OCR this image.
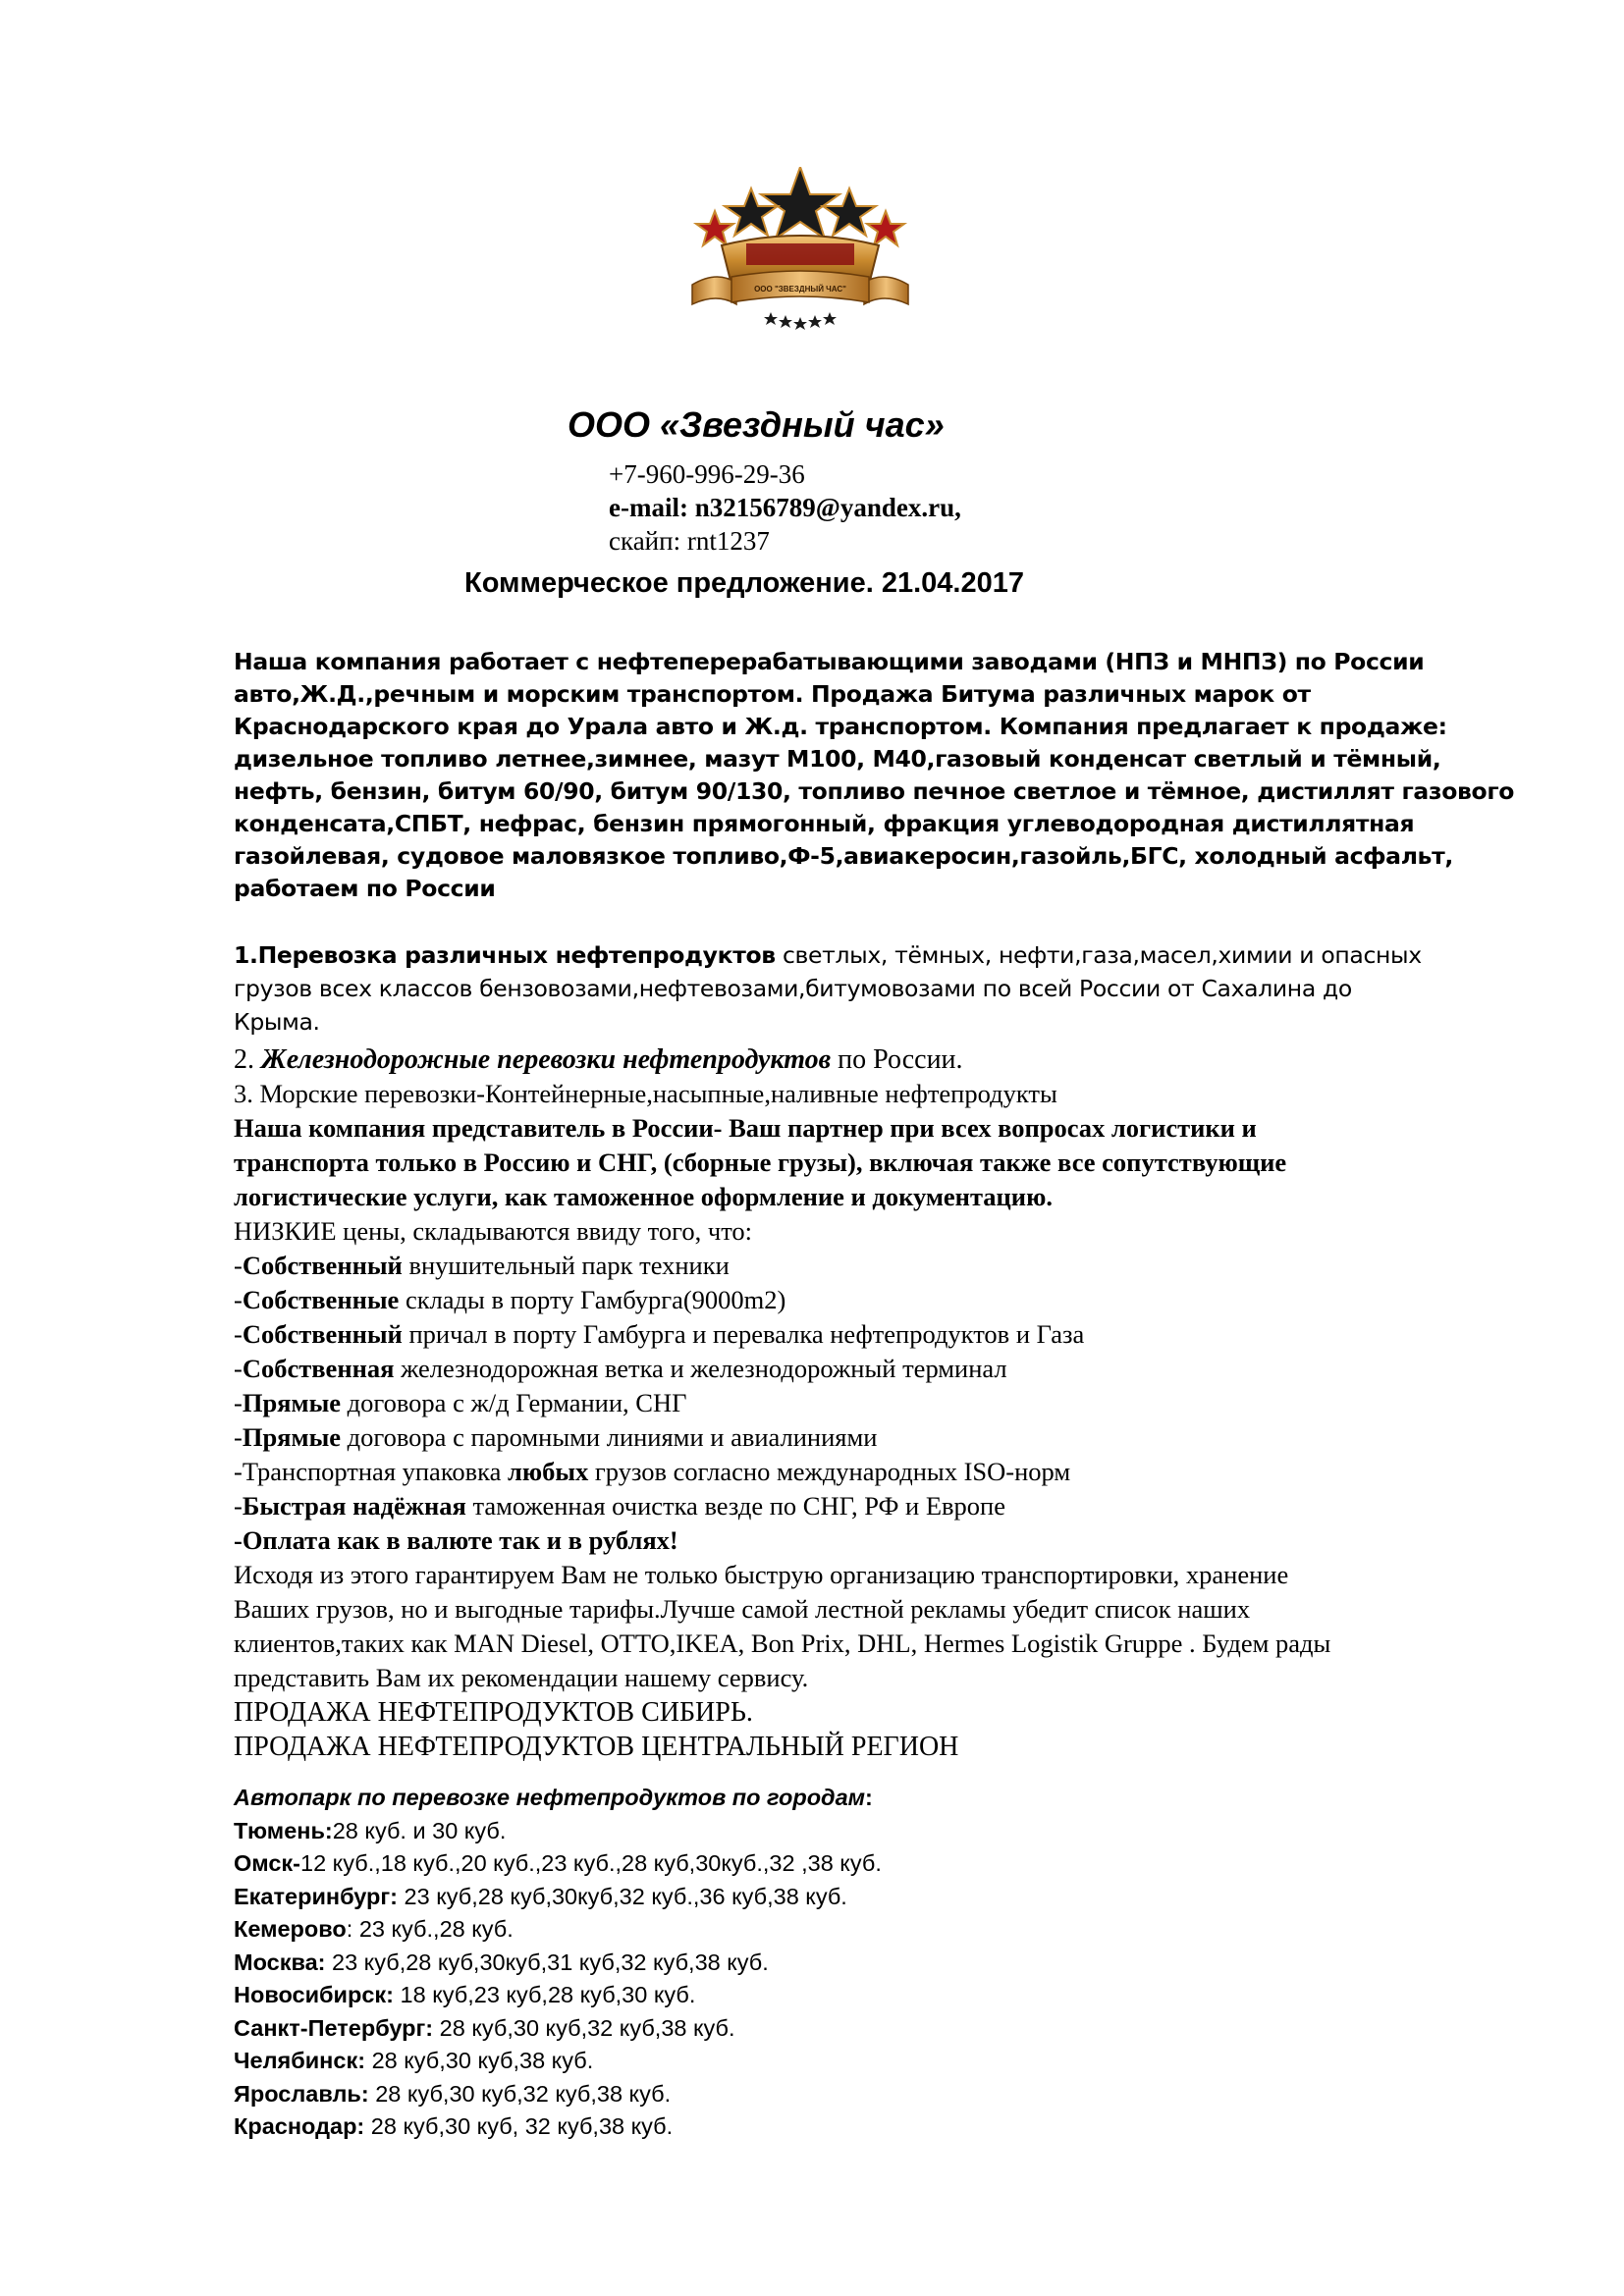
ООО "ЗВЕЗДНЫЙ ЧАС"
ООО «Звездный час»
+7-960-996-29-36
e-mail: n32156789@yandex.ru,
скайп: rnt1237
Коммерческое предложение. 21.04.2017
Наша компания работает с нефтеперерабатывающими заводами (НПЗ и МНПЗ) по России
авто,Ж.Д.,речным и морским транспортом. Продажа Битума различных марок от
Краснодарского края до Урала авто и Ж.д. транспортом. Компания предлагает к продаже:
дизельное топливо летнее,зимнее, мазут М100, М40,газовый конденсат светлый и тёмный,
нефть, бензин, битум 60/90, битум 90/130, топливо печное светлое и тёмное, дистиллят газового
конденсата,СПБТ, нефрас, бензин прямогонный, фракция углеводородная дистиллятная
газойлевая, судовое маловязкое топливо,Ф-5,авиакеросин,газойль,БГС, холодный асфальт,
работаем по России
1.Перевозка различных нефтепродуктов светлых, тёмных, нефти,газа,масел,химии и опасных
грузов всех классов бензовозами,нефтевозами,битумовозами по всей России от Сахалина до
Крыма.
2. Железнодорожные перевозки нефтепродуктов по России.
3. Морские перевозки-Контейнерные,насыпные,наливные нефтепродукты
Наша компания представитель в России- Ваш партнер при всех вопросах логистики и
транспорта только в Россию и СНГ, (сборные грузы), включая также все сопутствующие
логистические услуги, как таможенное оформление и документацию.
НИЗКИЕ цены, складываются ввиду того, что:
-Собственный внушительный парк техники
-Собственные склады в порту Гамбурга(9000m2)
-Собственный причал в порту Гамбурга и перевалка нефтепродуктов и Газа
-Собственная железнодорожная ветка и железнодорожный терминал
-Прямые договора с ж/д Германии, СНГ
-Прямые договора с паромными линиями и авиалиниями
-Транспортная упаковка любых грузов согласно международных ISO-норм
-Быстрая надёжная таможенная очистка везде по СНГ, РФ и Европе
-Оплата как в валюте так и в рублях!
Исходя из этого гарантируем Вам не только быструю организацию транспортировки, хранение
Ваших грузов, но и выгодные тарифы.Лучше самой лестной рекламы убедит список наших
клиентов,таких как MAN Diesel, OTTO,IKEA, Bon Prix, DHL, Hermes Logistik Gruppe . Будем рады
представить Вам их рекомендации нашему сервису.
ПРОДАЖА НЕФТЕПРОДУКТОВ СИБИРЬ.
ПРОДАЖА НЕФТЕПРОДУКТОВ ЦЕНТРАЛЬНЫЙ РЕГИОН
Автопарк по перевозке нефтепродуктов по городам:
Тюмень:28 куб. и 30 куб.
Омск-12 куб.,18 куб.,20 куб.,23 куб.,28 куб,30куб.,32 ,38 куб.
Екатеринбург: 23 куб,28 куб,30куб,32 куб.,36 куб,38 куб.
Кемерово: 23 куб.,28 куб.
Москва: 23 куб,28 куб,30куб,31 куб,32 куб,38 куб.
Новосибирск: 18 куб,23 куб,28 куб,30 куб.
Санкт-Петербург: 28 куб,30 куб,32 куб,38 куб.
Челябинск: 28 куб,30 куб,38 куб.
Ярославль: 28 куб,30 куб,32 куб,38 куб.
Краснодар: 28 куб,30 куб, 32 куб,38 куб.
